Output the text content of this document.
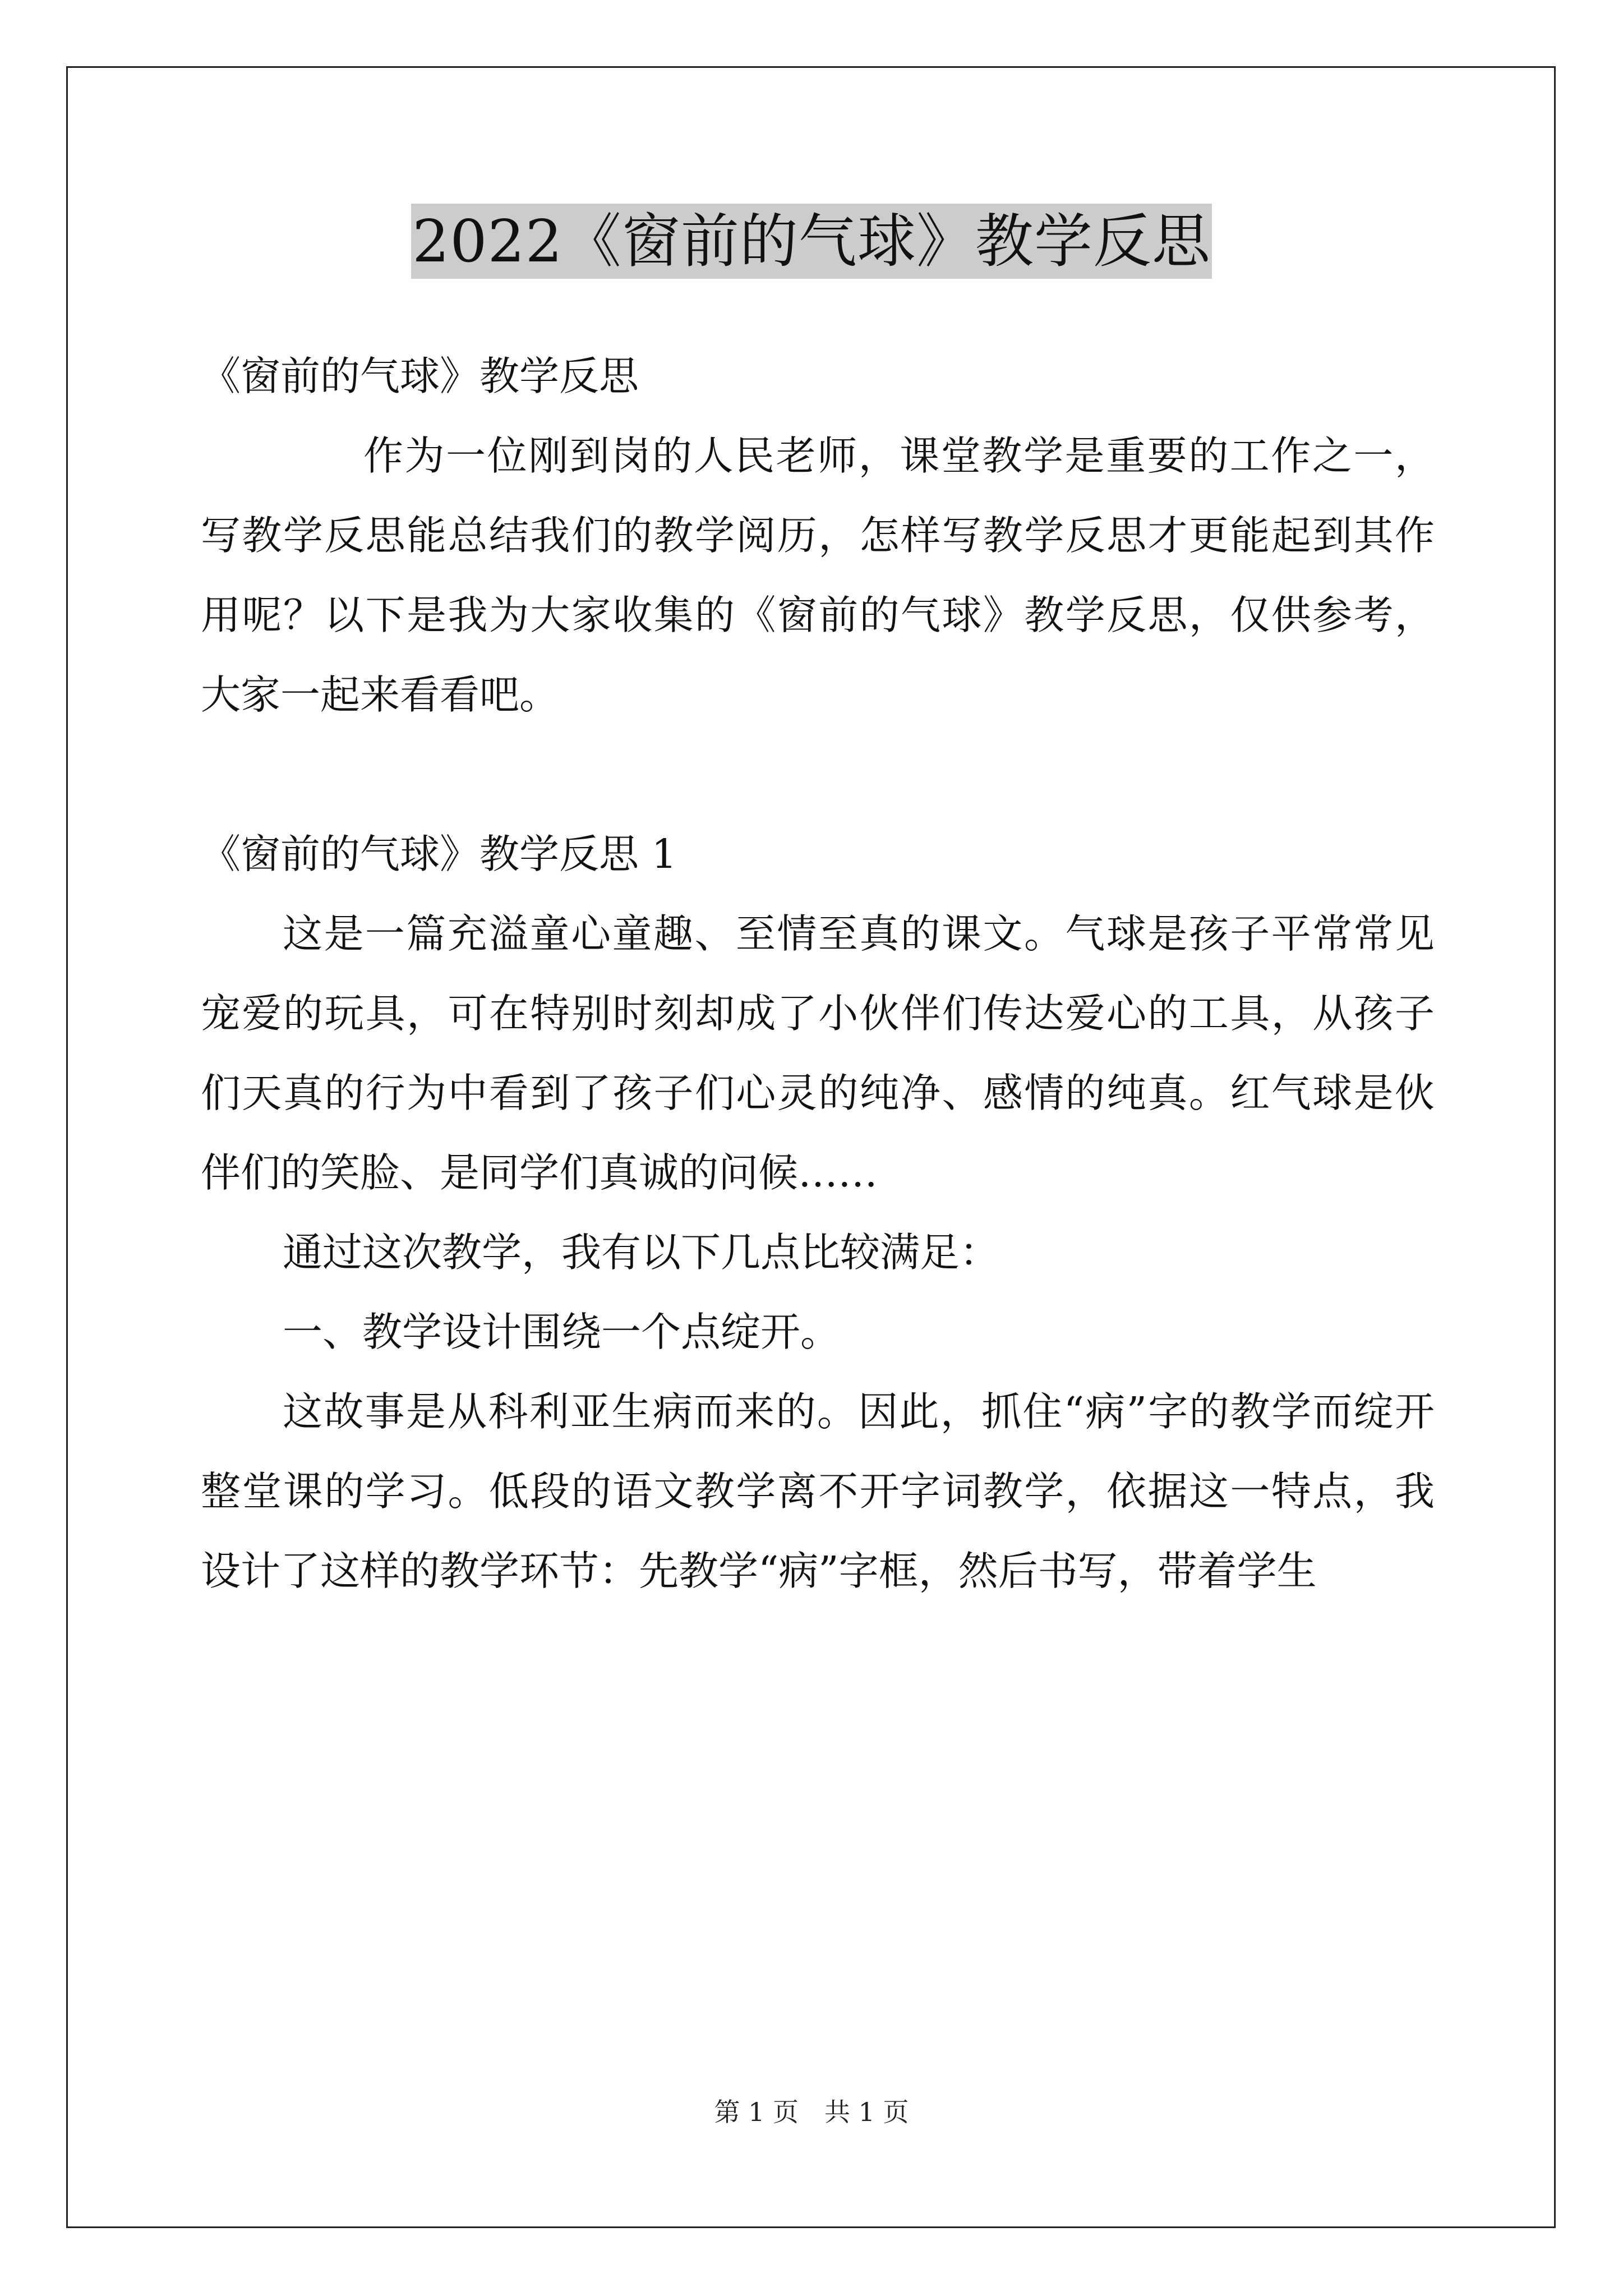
2022《窗前的气球》教学反思

《窗前的气球》教学反思

作为一位刚到岗的人民老师，课堂教学是重要的工作之一，写教学反思能总结我们的教学阅历，怎样写教学反思才更能起到其作用呢？以下是我为大家收集的《窗前的气球》教学反思，仅供参考，大家一起来看看吧。

《窗前的气球》教学反思 1

这是一篇充溢童心童趣、至情至真的课文。气球是孩子平常常见宠爱的玩具，可在特别时刻却成了小伙伴们传达爱心的工具，从孩子们天真的行为中看到了孩子们心灵的纯净、感情的纯真。红气球是伙伴们的笑脸、是同学们真诚的问候……

通过这次教学，我有以下几点比较满足：

一、教学设计围绕一个点绽开。

这故事是从科利亚生病而来的。因此，抓住“病”字的教学而绽开整堂课的学习。低段的语文教学离不开字词教学，依据这一特点，我设计了这样的教学环节：先教学“病”字框，然后书写，带着学生

第 1 页　共 1 页
